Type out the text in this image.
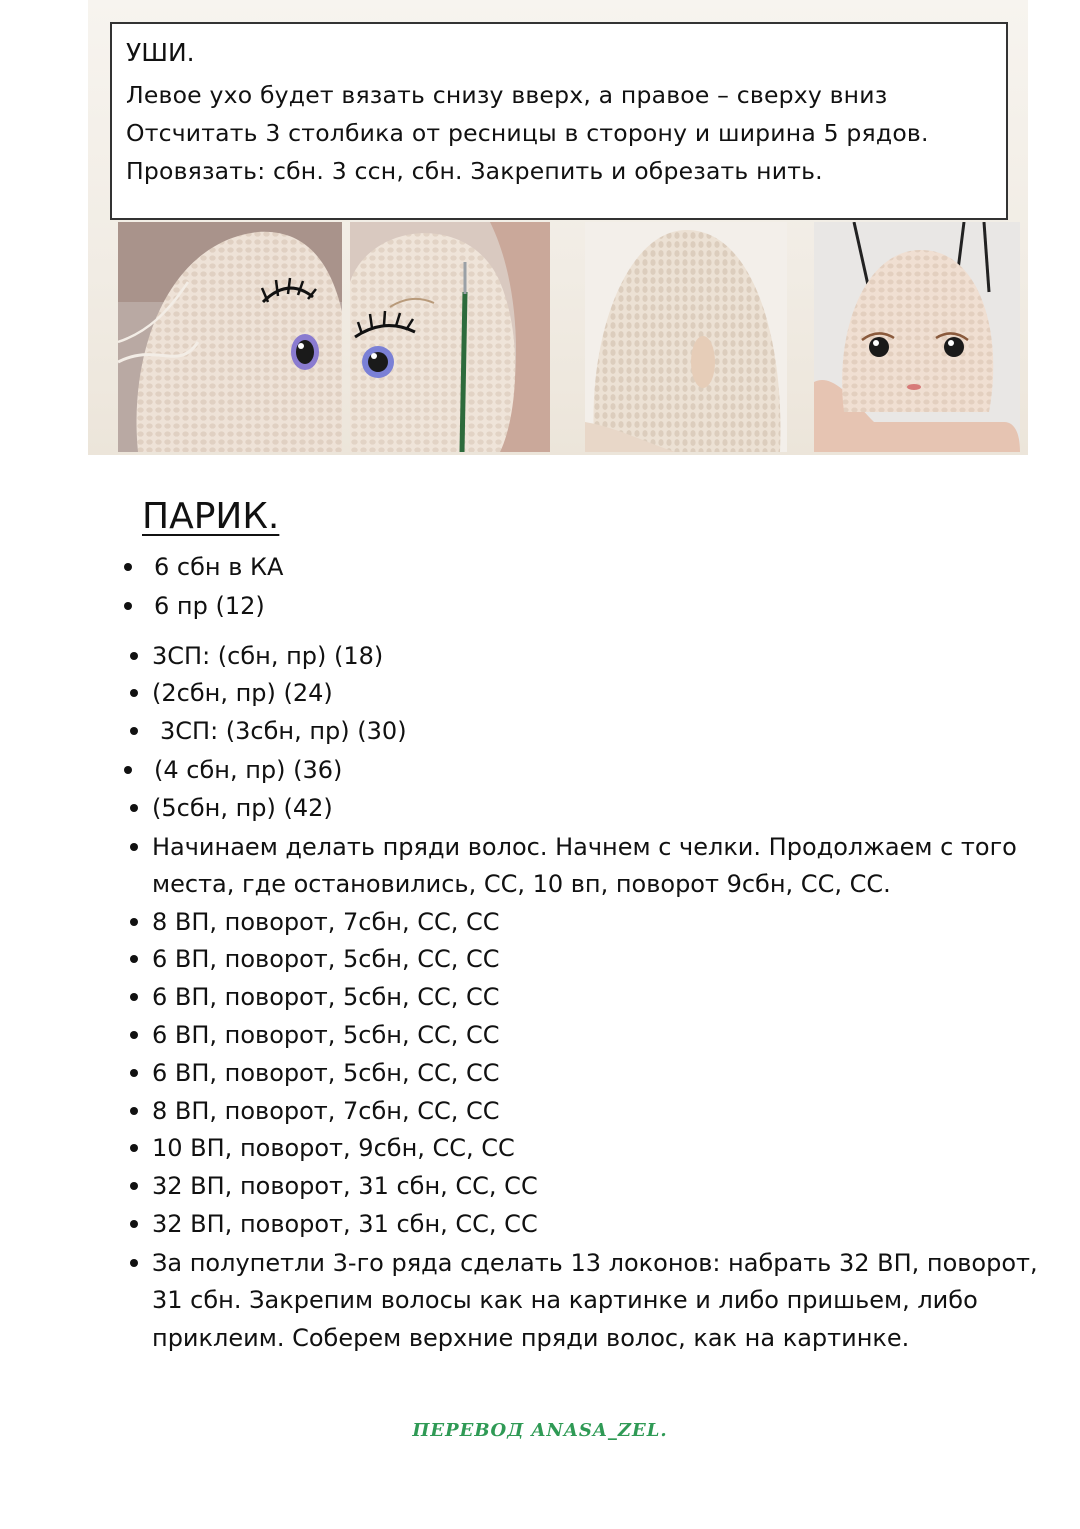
УШИ.

Левое ухо будет вязать снизу вверх, а правое – сверху вниз

Отсчитать 3 столбика от ресницы в сторону и ширина 5 рядов.

Провязать: сбн. 3 ссн, сбн. Закрепить и обрезать нить.

ПАРИК.
6 сбн в КА
6 пр (12)
3СП: (сбн, пр) (18)
(2сбн, пр) (24)
3СП: (3сбн, пр) (30)
(4 сбн, пр) (36)
(5сбн, пр) (42)
Начинаем делать пряди волос. Начнем с челки. Продолжаем с того
места, где остановились, СС, 10 вп, поворот 9сбн, СС, СС.
8 ВП, поворот, 7сбн, СС, СС
6 ВП, поворот, 5сбн, СС, СС
6 ВП, поворот, 5сбн, СС, СС
6 ВП, поворот, 5сбн, СС, СС
6 ВП, поворот, 5сбн, СС, СС
8 ВП, поворот, 7сбн, СС, СС
10 ВП, поворот, 9сбн, СС, СС
32 ВП, поворот, 31 сбн, СС, СС
32 ВП, поворот, 31 сбн, СС, СС
За полупетли 3-го ряда сделать 13 локонов: набрать 32 ВП, поворот,
31 сбн. Закрепим волосы как на картинке и либо пришьем, либо
приклеим. Соберем верхние пряди волос, как на картинке.
ПЕРЕВОД ANASA_ZEL.
